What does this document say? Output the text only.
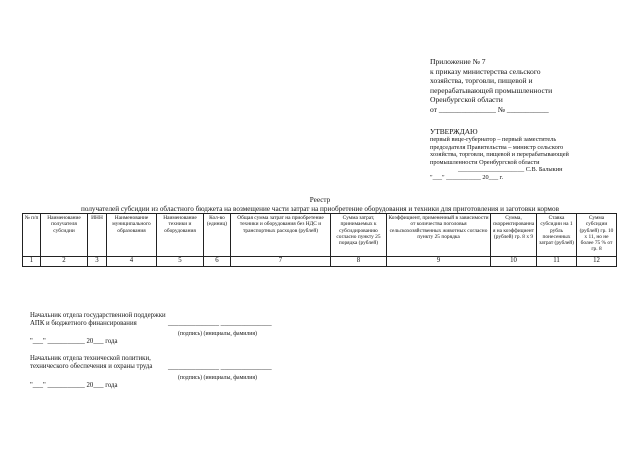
Приложение № 7
к приказу министерства сельского
хозяйства, торговли, пищевой и
перерабатывающей промышленности
Оренбургской области
от _______________ № ___________
УТВЕРЖДАЮ
первый вице-губернатор – первый заместитель
председателя Правительства – министр сельского
хозяйства, торговли, пищевой и перерабатывающей
промышленности Оренбургской области
_____________________ С.В. Балыкин
"___" ___________ 20___ г.
Реестр
получателей субсидии из областного бюджета на возмещение части затрат на приобретение оборудования и техники для приготовления и заготовки кормов
№ п/п	Наименование получателя субсидии	ИНН	Наименование муниципального образования	Наименование техники и оборудования	Кол-во (единиц)	Общая сумма затрат на приобретение техники и оборудования без НДС и транспортных расходов (рублей)	Сумма затрат, принимаемых к субсидированию согласно пункту 25 порядка (рублей)	Коэффициент, примененный в зависимости от количества поголовья сельскохозяйственных животных согласно пункту 25 порядка	Сумма, скорректированная на коэффициент (рублей) гр. 8 х 9	Ставка субсидии на 1 рубль понесенных затрат (рублей)	Сумма субсидии (рублей) гр. 10 х 11, но не более 75 % от гр. 8
1	2	3	4	5	6	7	8	9	10	11	12
Начальник отдела государственной поддержки
АПК и бюджетного финансирования	_______________ _______________
(подпись) (инициалы, фамилия)
"___" ___________ 20___ года
Начальник отдела технической политики,
технического обеспечения и охраны труда _______________ _______________
(подпись) (инициалы, фамилия)
"___" ___________ 20___ года
